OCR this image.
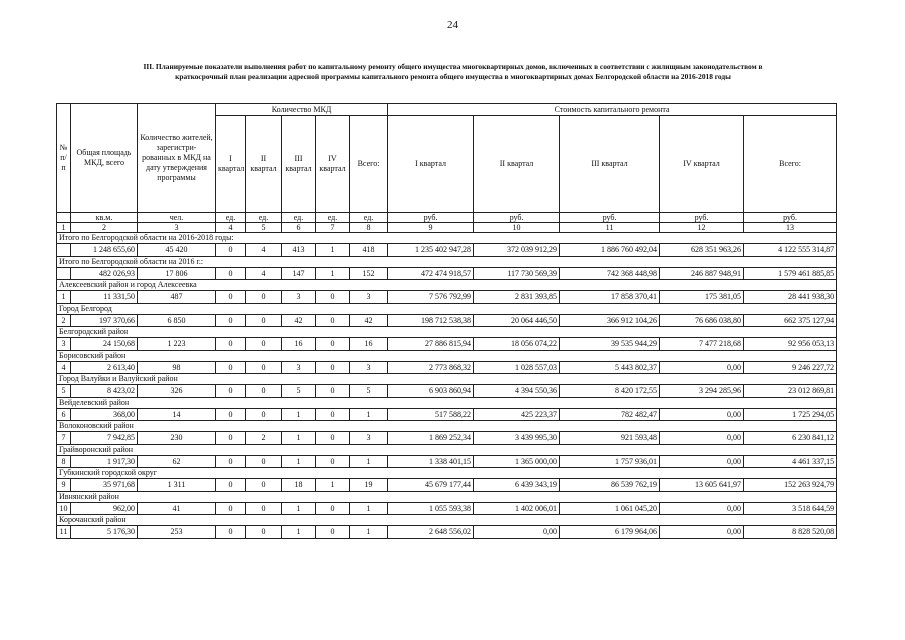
24
III. Планируемые показатели выполнения работ по капитальному ремонту общего имущества многоквартирных домов, включенных в соответствии с жилищным законодательством в
краткосрочный план реализации адресной программы капитального ремонта общего имущества в многоквартирных домах Белгородской области на 2016-2018 годы
№ п/п	Общая площадь МКД, всего	Количество жителей, зарегистри-рованных в МКД на дату утверждения программы	Количество МКД					Стоимость капитального ремонта				
			I квартал	II квартал	III квартал	IV квартал	Всего:	I квартал	II квартал	III квартал	IV квартал	Всего:
	кв.м.	чел.	ед.	ед.	ед.	ед.	ед.	руб.	руб.	руб.	руб.	руб.
1	2	3	4	5	6	7	8	9	10	11	12	13
Итого по Белгородской области на 2016-2018 годы:												
	1 248 655,60	45 420	0	4	413	1	418	1 235 402 947,28	372 039 912,29	1 886 760 492,04	628 351 963,26	4 122 555 314,87
Итого по Белгородской области на 2016 г.:												
	482 026,93	17 806	0	4	147	1	152	472 474 918,57	117 730 569,39	742 368 448,98	246 887 948,91	1 579 461 885,85
Алексеевский район и город Алексеевка												
1	11 331,50	487	0	0	3	0	3	7 576 792,99	2 831 393,85	17 858 370,41	175 381,05	28 441 938,30
Город Белгород												
2	197 370,66	6 850	0	0	42	0	42	198 712 538,38	20 064 446,50	366 912 104,26	76 686 038,80	662 375 127,94
Белгородский район												
3	24 150,68	1 223	0	0	16	0	16	27 886 815,94	18 056 074,22	39 535 944,29	7 477 218,68	92 956 053,13
Борисовский район												
4	2 613,40	98	0	0	3	0	3	2 773 868,32	1 028 557,03	5 443 802,37	0,00	9 246 227,72
Город Валуйки и Валуйский район												
5	8 423,02	326	0	0	5	0	5	6 903 860,94	4 394 550,36	8 420 172,55	3 294 285,96	23 012 869,81
Вейделевский район												
6	368,00	14	0	0	1	0	1	517 588,22	425 223,37	782 482,47	0,00	1 725 294,05
Волоконовский район												
7	7 942,85	230	0	2	1	0	3	1 869 252,34	3 439 995,30	921 593,48	0,00	6 230 841,12
Грайворонский район												
8	1 917,30	62	0	0	1	0	1	1 338 401,15	1 365 000,00	1 757 936,01	0,00	4 461 337,15
Губкинский городской округ												
9	35 971,68	1 311	0	0	18	1	19	45 679 177,44	6 439 343,19	86 539 762,19	13 605 641,97	152 263 924,79
Ивнянский район												
10	962,00	41	0	0	1	0	1	1 055 593,38	1 402 006,01	1 061 045,20	0,00	3 518 644,59
Корочанский район												
11	5 176,30	253	0	0	1	0	1	2 648 556,02	0,00	6 179 964,06	0,00	8 828 520,08
